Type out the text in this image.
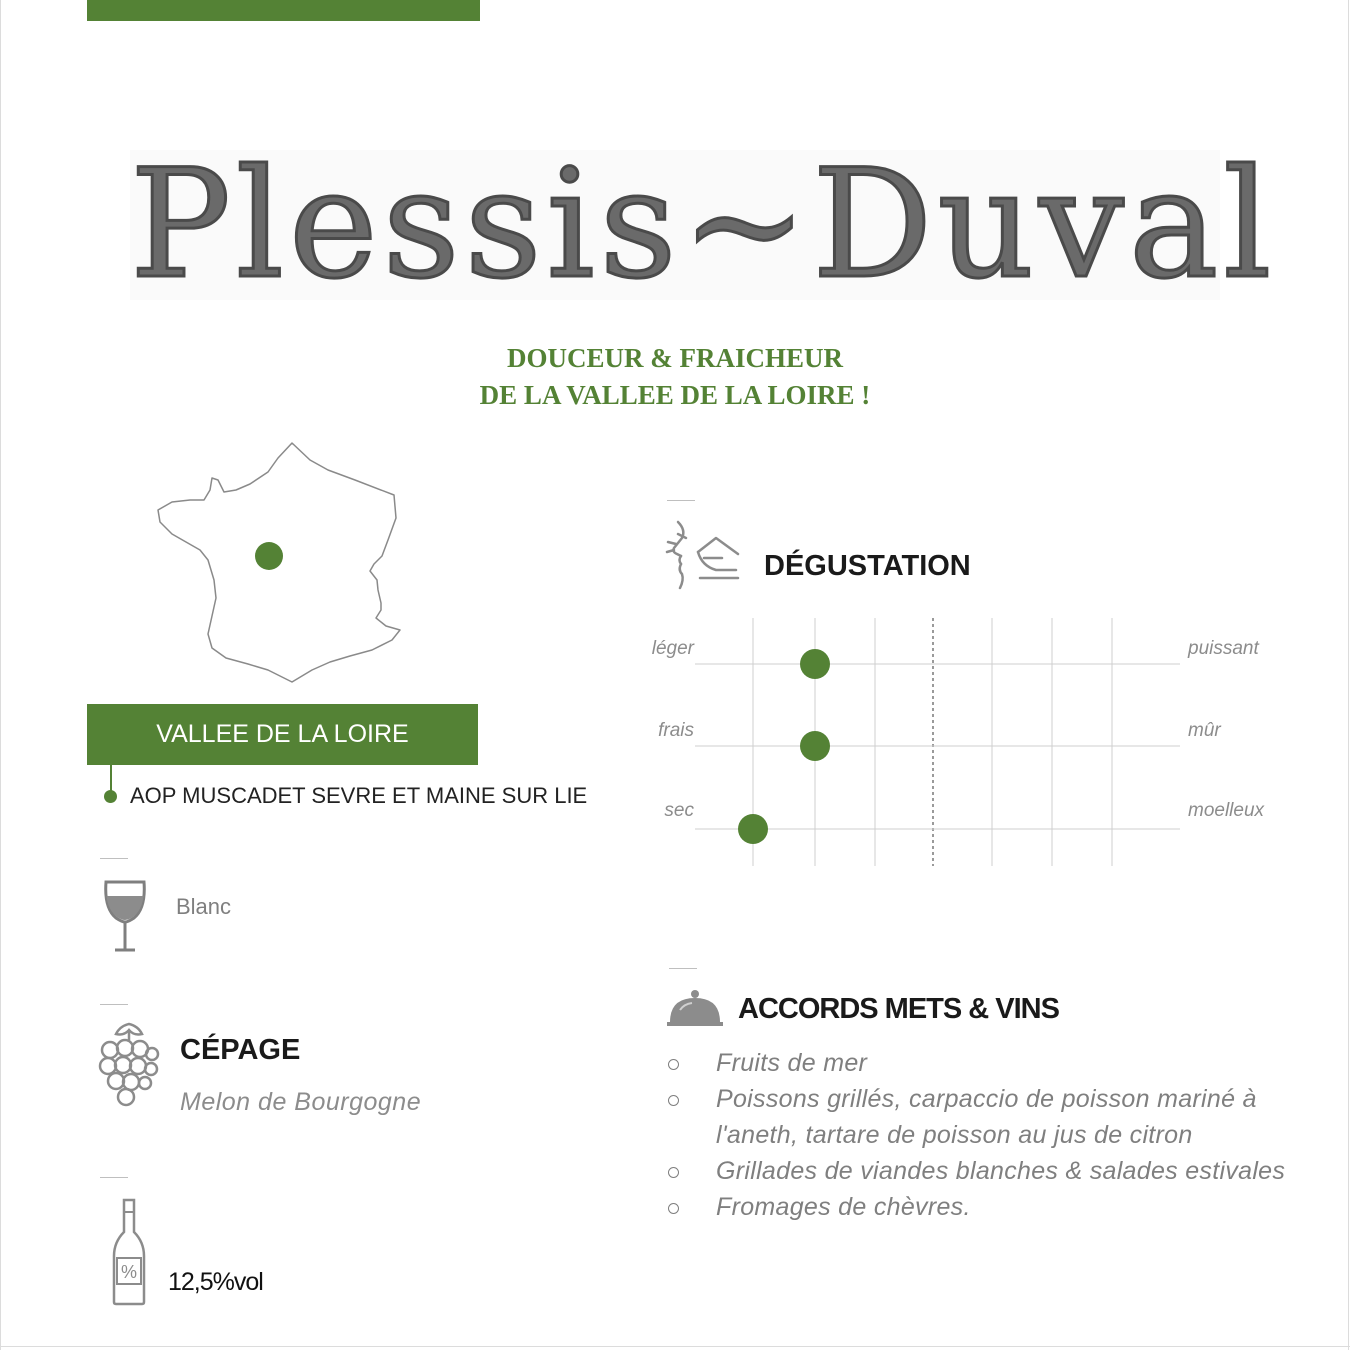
Plessis~Duval
DOUCEUR & FRAICHEUR
DE LA VALLEE DE LA LOIRE !
VALLEE DE LA LOIRE
AOP MUSCADET SEVRE ET MAINE SUR LIE
Blanc
CÉPAGE
Melon de Bourgogne
% 12,5%vol
DÉGUSTATION
léger	puissant
frais	mûr
sec	moelleux
ACCORDS METS & VINS
Fruits de mer
Poissons grillés, carpaccio de poisson mariné à l'aneth, tartare de poisson au jus de citron
Grillades de viandes blanches & salades estivales
Fromages de chèvres.
